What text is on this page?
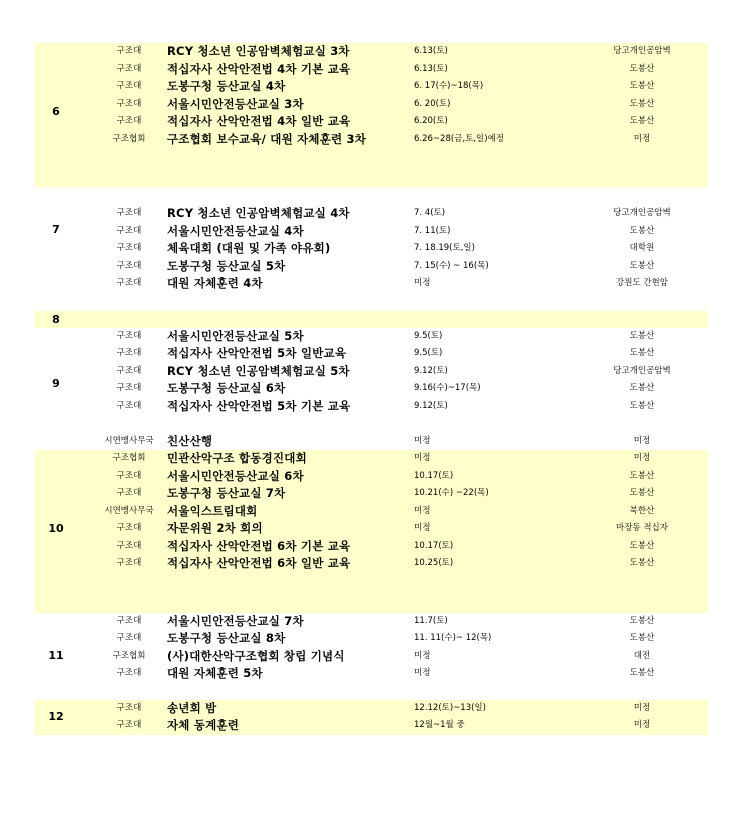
6
구조대	RCY 청소년 인공암벽체험교실 3차	6.13(토)	당고개인공암벽
구조대	적십자사 산악안전법 4차 기본 교육	6.13(토)	도봉산
구조대	도봉구청 등산교실 4차	6. 17(수)~18(목)	도봉산
구조대	서울시민안전등산교실 3차	6. 20(토)	도봉산
구조대	적십자사 산악안전법 4차 일반 교육	6.20(토)	도봉산
구조협회	구조협회 보수교육/ 대원 자체훈련 3차	6.26~28(금,토,일)예정	미정
7
구조대	RCY 청소년 인공암벽체험교실 4차	7. 4(토)	당고개인공암벽
구조대	서울시민안전등산교실 4차	7. 11(토)	도봉산
구조대	체육대회 (대원 및 가족 야유회)	7. 18.19(토,일)	대학원
구조대	도봉구청 등산교실 5차	7. 15(수) ~ 16(목)	도봉산
구조대	대원 자체훈련 4차	미정	강원도 간현암
8
9
구조대	서울시민안전등산교실 5차	9.5(토)	도봉산
구조대	적십자사 산악안전법 5차 일반교육	9.5(토)	도봉산
구조대	RCY 청소년 인공암벽체험교실 5차	9.12(토)	당고개인공암벽
구조대	도봉구청 등산교실 6차	9.16(수)~17(목)	도봉산
구조대	적십자사 산악안전법 5차 기본 교육	9.12(토)	도봉산
시연맹사무국	친산산행	미정	미정
10
구조협회	민관산악구조 합동경진대회	미정	미정
구조대	서울시민안전등산교실 6차	10.17(토)	도봉산
구조대	도봉구청 등산교실 7차	10.21(수) ~22(목)	도봉산
시연맹사무국	서울익스트림대회	미정	북한산
구조대	자문위원 2차 회의	미정	마장동 적십자
구조대	적십자사 산악안전법 6차 기본 교육	10.17(토)	도봉산
구조대	적십자사 산악안전법 6차 일반 교육	10.25(토)	도봉산
11
구조대	서울시민안전등산교실 7차	11.7(토)	도봉산
구조대	도봉구청 등산교실 8차	11. 11(수)~ 12(목)	도봉산
구조협회	(사)대한산악구조협회 창립 기념식	미정	대전
구조대	대원 자체훈련 5차	미정	도봉산
12
구조대	송년회 밤	12.12(토)~13(일)	미정
구조대	자체 동계훈련	12월~1월 중	미정
